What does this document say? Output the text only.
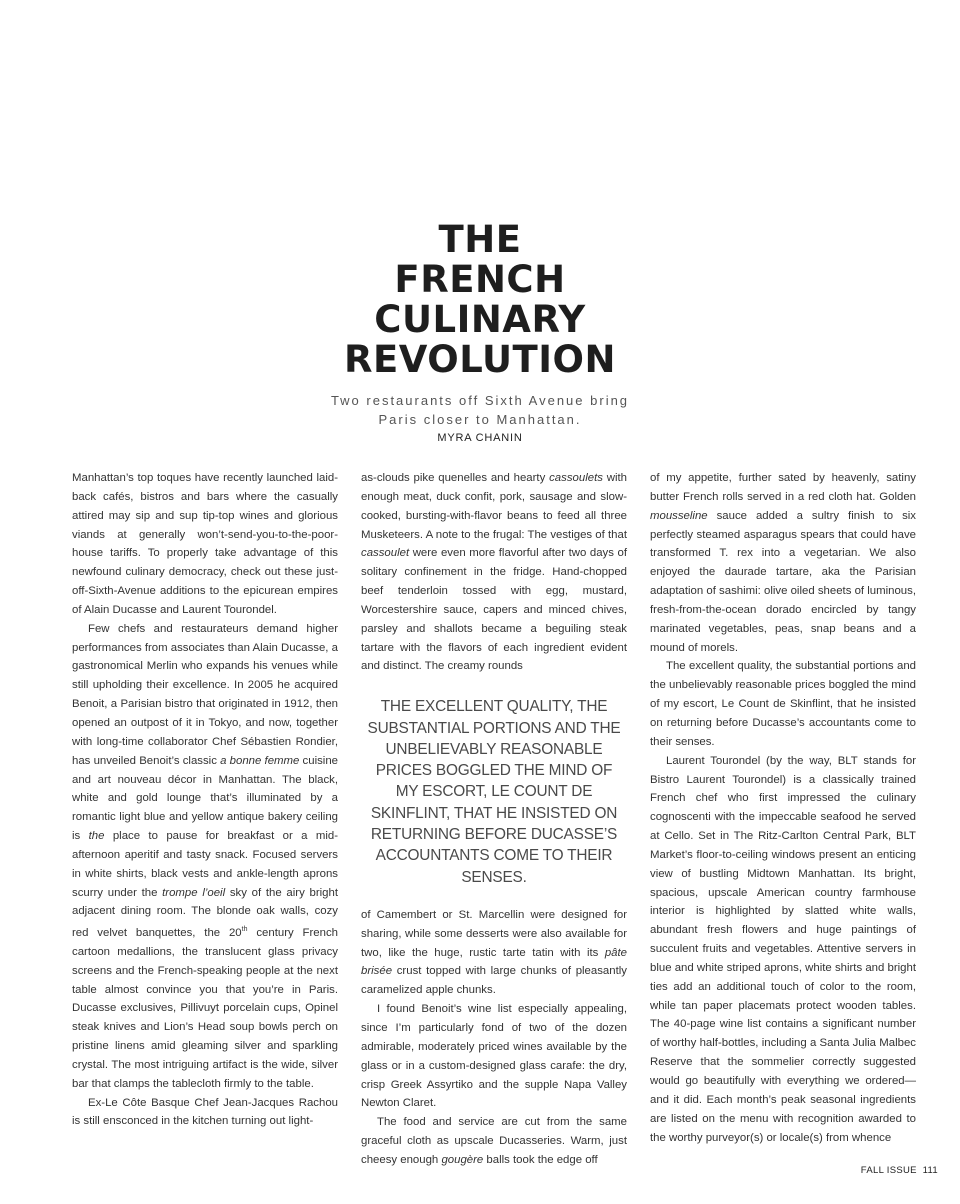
THE
FRENCH
CULINARY
REVOLUTION
Two restaurants off Sixth Avenue bring
Paris closer to Manhattan.
MYRA CHANIN

Manhattan’s top toques have recently launched laid-back cafés, bistros and bars where the casually attired may sip and sup tip-top wines and glorious viands at generally won’t-send-you-to-the-poor-house tariffs. To properly take advantage of this newfound culinary democracy, check out these just-off-Sixth-Avenue additions to the epicurean empires of Alain Ducasse and Laurent Tourondel.

Few chefs and restaurateurs demand higher performances from associates than Alain Ducasse, a gastronomical Merlin who expands his venues while still upholding their excellence. In 2005 he acquired Benoit, a Parisian bistro that originated in 1912, then opened an outpost of it in Tokyo, and now, together with long-time collaborator Chef Sébastien Rondier, has unveiled Benoit’s classic a bonne femme cuisine and art nouveau décor in Manhattan. The black, white and gold lounge that’s illuminated by a romantic light blue and yellow antique bakery ceiling is the place to pause for breakfast or a mid-afternoon aperitif and tasty snack. Focused servers in white shirts, black vests and ankle-length aprons scurry under the trompe l’oeil sky of the airy bright adjacent dining room. The blonde oak walls, cozy red velvet banquettes, the 20th century French cartoon medallions, the translucent glass privacy screens and the French-speaking people at the next table almost convince you that you’re in Paris. Ducasse exclusives, Pillivuyt porcelain cups, Opinel steak knives and Lion’s Head soup bowls perch on pristine linens amid gleaming silver and sparkling crystal. The most intriguing artifact is the wide, silver bar that clamps the tablecloth firmly to the table.

Ex-Le Côte Basque Chef Jean-Jacques Rachou is still ensconced in the kitchen turning out light-

as-clouds pike quenelles and hearty cassoulets with enough meat, duck confit, pork, sausage and slow-cooked, bursting-with-flavor beans to feed all three Musketeers. A note to the frugal: The vestiges of that cassoulet were even more flavorful after two days of solitary confinement in the fridge. Hand-chopped beef tenderloin tossed with egg, mustard, Worcestershire sauce, capers and minced chives, parsley and shallots became a beguiling steak tartare with the flavors of each ingredient evident and distinct. The creamy rounds

THE EXCELLENT QUALITY, THE SUBSTANTIAL PORTIONS AND THE UNBELIEVABLY REASONABLE PRICES BOGGLED THE MIND OF MY ESCORT, LE COUNT DE SKINFLINT, THAT HE INSISTED ON RETURNING BEFORE DUCASSE’S ACCOUNTANTS COME TO THEIR SENSES.

of Camembert or St. Marcellin were designed for sharing, while some desserts were also available for two, like the huge, rustic tarte tatin with its pâte brisée crust topped with large chunks of pleasantly caramelized apple chunks.

I found Benoit’s wine list especially appealing, since I’m particularly fond of two of the dozen admirable, moderately priced wines available by the glass or in a custom-designed glass carafe: the dry, crisp Greek Assyrtiko and the supple Napa Valley Newton Claret.

The food and service are cut from the same graceful cloth as upscale Ducasseries. Warm, just cheesy enough gougère balls took the edge off

of my appetite, further sated by heavenly, satiny butter French rolls served in a red cloth hat. Golden mousseline sauce added a sultry finish to six perfectly steamed asparagus spears that could have transformed T. rex into a vegetarian. We also enjoyed the daurade tartare, aka the Parisian adaptation of sashimi: olive oiled sheets of luminous, fresh-from-the-ocean dorado encircled by tangy marinated vegetables, peas, snap beans and a mound of morels.

The excellent quality, the substantial portions and the unbelievably reasonable prices boggled the mind of my escort, Le Count de Skinflint, that he insisted on returning before Ducasse’s accountants come to their senses.

Laurent Tourondel (by the way, BLT stands for Bistro Laurent Tourondel) is a classically trained French chef who first impressed the culinary cognoscenti with the impeccable seafood he served at Cello. Set in The Ritz-Carlton Central Park, BLT Market’s floor-to-ceiling windows present an enticing view of bustling Midtown Manhattan. Its bright, spacious, upscale American country farmhouse interior is highlighted by slatted white walls, abundant fresh flowers and huge paintings of succulent fruits and vegetables. Attentive servers in blue and white striped aprons, white shirts and bright ties add an additional touch of color to the room, while tan paper placemats protect wooden tables. The 40-page wine list contains a significant number of worthy half-bottles, including a Santa Julia Malbec Reserve that the sommelier correctly suggested would go beautifully with everything we ordered—and it did. Each month’s peak seasonal ingredients are listed on the menu with recognition awarded to the worthy purveyor(s) or locale(s) from whence

FALL ISSUE 111
